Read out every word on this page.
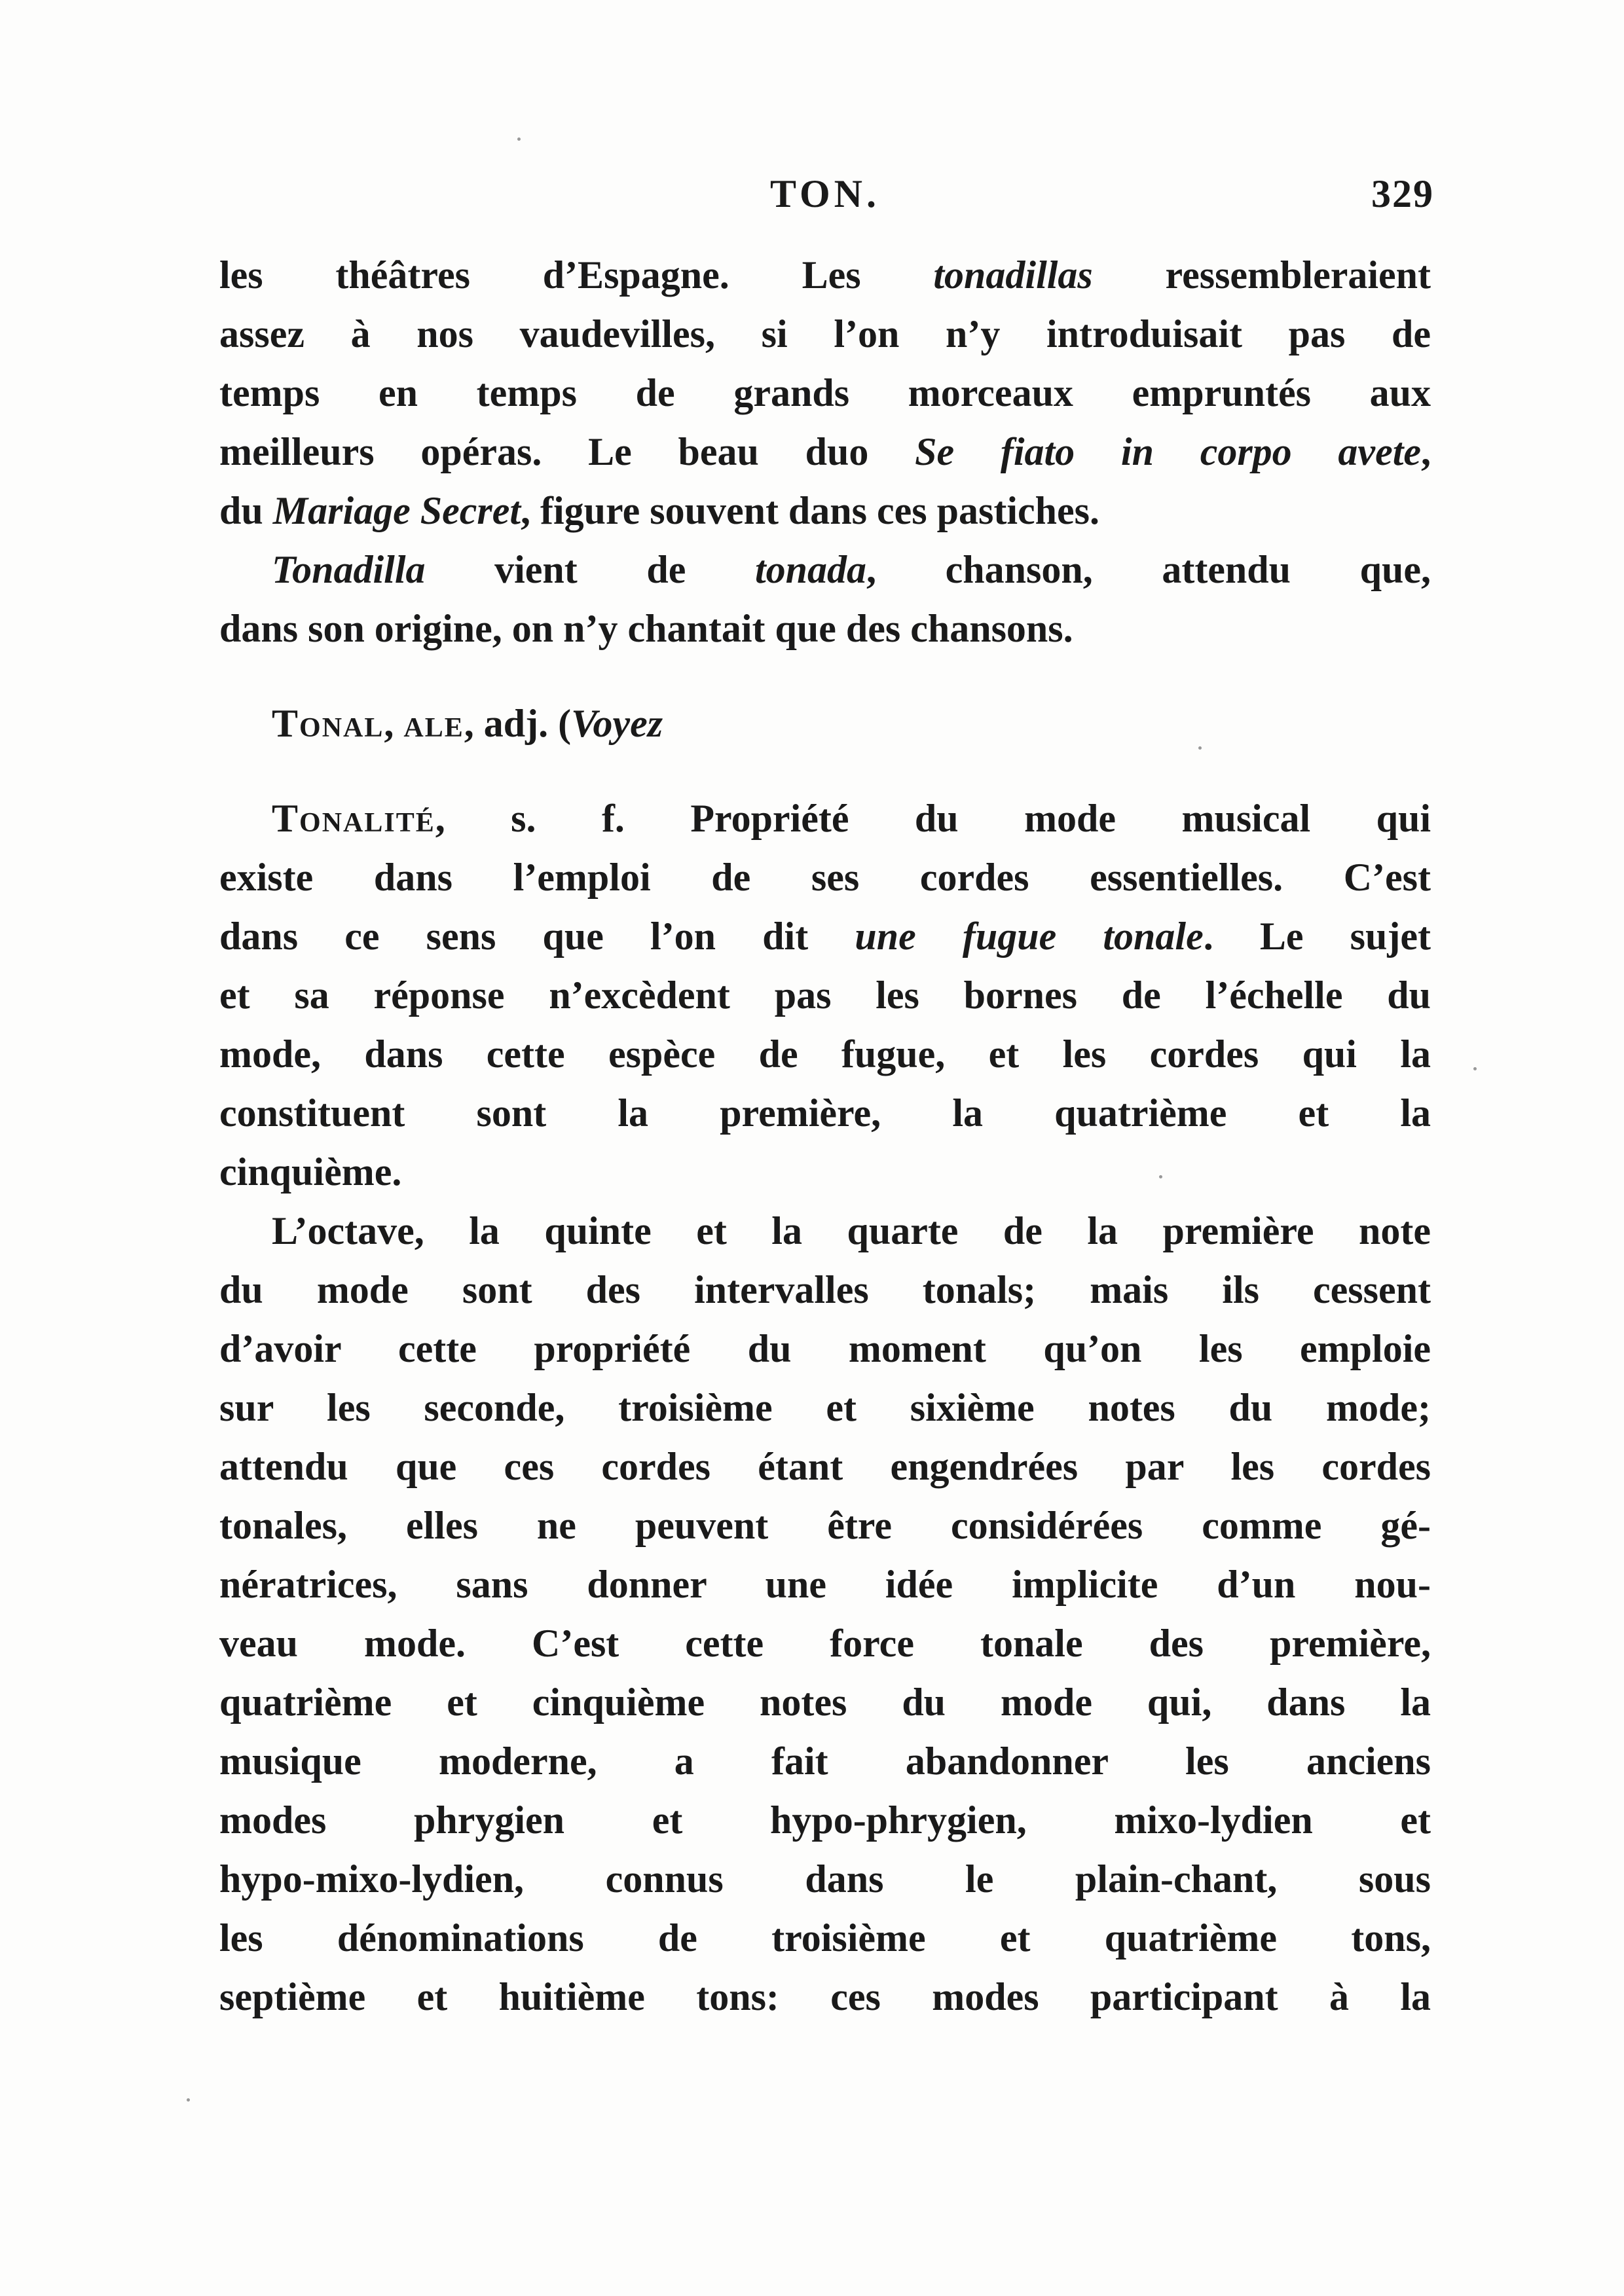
TON.	329
les théâtres d’Espagne. Les tonadillas ressembleraient
assez à nos vaudevilles, si l’on n’y introduisait pas de
temps en temps de grands morceaux empruntés aux
meilleurs opéras. Le beau duo Se fiato in corpo avete,
du Mariage Secret, figure souvent dans ces pastiches.
Tonadilla vient de tonada, chanson, attendu que,
dans son origine, on n’y chantait que des chansons.
Tonal, ale, adj. (Voyez
Tonalité, s. f. Propriété du mode musical qui
existe dans l’emploi de ses cordes essentielles. C’est
dans ce sens que l’on dit une fugue tonale. Le sujet
et sa réponse n’excèdent pas les bornes de l’échelle du
mode, dans cette espèce de fugue, et les cordes qui la
constituent sont la première, la quatrième et la
cinquième.
L’octave, la quinte et la quarte de la première note
du mode sont des intervalles tonals; mais ils cessent
d’avoir cette propriété du moment qu’on les emploie
sur les seconde, troisième et sixième notes du mode;
attendu que ces cordes étant engendrées par les cordes
tonales, elles ne peuvent être considérées comme gé-
nératrices, sans donner une idée implicite d’un nou-
veau mode. C’est cette force tonale des première,
quatrième et cinquième notes du mode qui, dans la
musique moderne, a fait abandonner les anciens
modes phrygien et hypo-phrygien, mixo-lydien et
hypo-mixo-lydien, connus dans le plain-chant, sous
les dénominations de troisième et quatrième tons,
septième et huitième tons: ces modes participant à la
